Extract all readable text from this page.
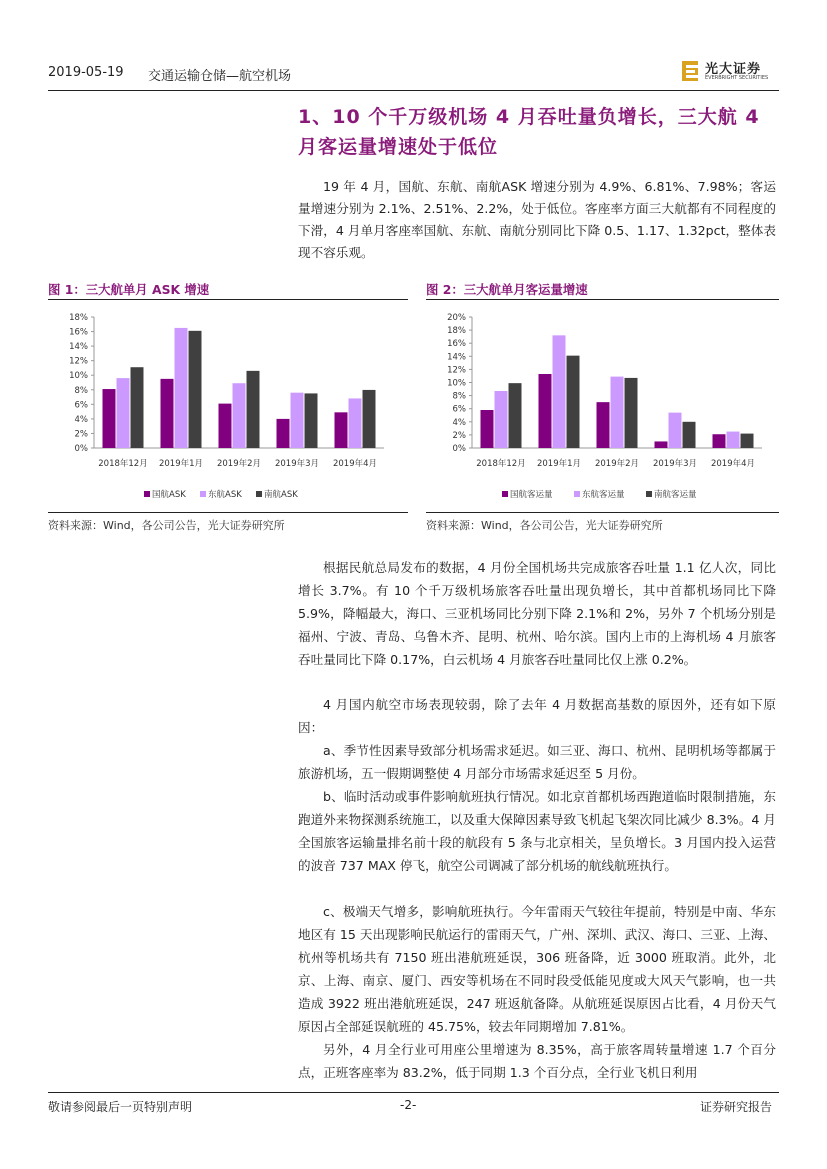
2019-05-19 交通运输仓储—航空机场	光大证券
EVERBRIGHT SECURITIES
1、10 个千万级机场 4 月吞吐量负增长，三大航 4 月客运量增速处于低位

19 年 4 月，国航、东航、南航ASK 增速分别为 4.9%、6.81%、7.98%；客运量增速分别为 2.1%、2.51%、2.2%，处于低位。客座率方面三大航都有不同程度的下滑，4 月单月客座率国航、东航、南航分别同比下降 0.5、1.17、1.32pct，整体表现不容乐观。

图 1：三大航单月 ASK 增速
0%
2%
4%
6%
8%
10%
12%
14%
16%
18%
2018年12月 2019年1月 2019年2月 2019年3月 2019年4月
国航ASK	东航ASK	南航ASK
资料来源：Wind，各公司公告，光大证券研究所
图 2：三大航单月客运量增速
0%
2%
4%
6%
8%
10%
12%
14%
16%
18%
20%
2018年12月 2019年1月 2019年2月 2019年3月 2019年4月
国航客运量	东航客运量	南航客运量
资料来源：Wind，各公司公告，光大证券研究所

根据民航总局发布的数据，4 月份全国机场共完成旅客吞吐量 1.1 亿人次，同比增长 3.7%。有 10 个千万级机场旅客吞吐量出现负增长，其中首都机场同比下降 5.9%，降幅最大，海口、三亚机场同比分别下降 2.1%和 2%，另外 7 个机场分别是福州、宁波、青岛、乌鲁木齐、昆明、杭州、哈尔滨。国内上市的上海机场 4 月旅客吞吐量同比下降 0.17%，白云机场 4 月旅客吞吐量同比仅上涨 0.2%。

4 月国内航空市场表现较弱，除了去年 4 月数据高基数的原因外，还有如下原因：

a、季节性因素导致部分机场需求延迟。如三亚、海口、杭州、昆明机场等都属于旅游机场，五一假期调整使 4 月部分市场需求延迟至 5 月份。

b、临时活动或事件影响航班执行情况。如北京首都机场西跑道临时限制措施，东跑道外来物探测系统施工，以及重大保障因素导致飞机起飞架次同比减少 8.3%。4 月全国旅客运输量排名前十段的航段有 5 条与北京相关，呈负增长。3 月国内投入运营的波音 737 MAX 停飞，航空公司调减了部分机场的航线航班执行。

c、极端天气增多，影响航班执行。今年雷雨天气较往年提前，特别是中南、华东地区有 15 天出现影响民航运行的雷雨天气，广州、深圳、武汉、海口、三亚、上海、杭州等机场共有 7150 班出港航班延误，306 班备降，近 3000 班取消。此外，北京、上海、南京、厦门、西安等机场在不同时段受低能见度或大风天气影响，也一共造成 3922 班出港航班延误，247 班返航备降。从航班延误原因占比看，4 月份天气原因占全部延误航班的 45.75%，较去年同期增加 7.81%。

另外，4 月全行业可用座公里增速为 8.35%，高于旅客周转量增速 1.7 个百分点，正班客座率为 83.2%，低于同期 1.3 个百分点，全行业飞机日利用

敬请参阅最后一页特别声明	-2-	证券研究报告
